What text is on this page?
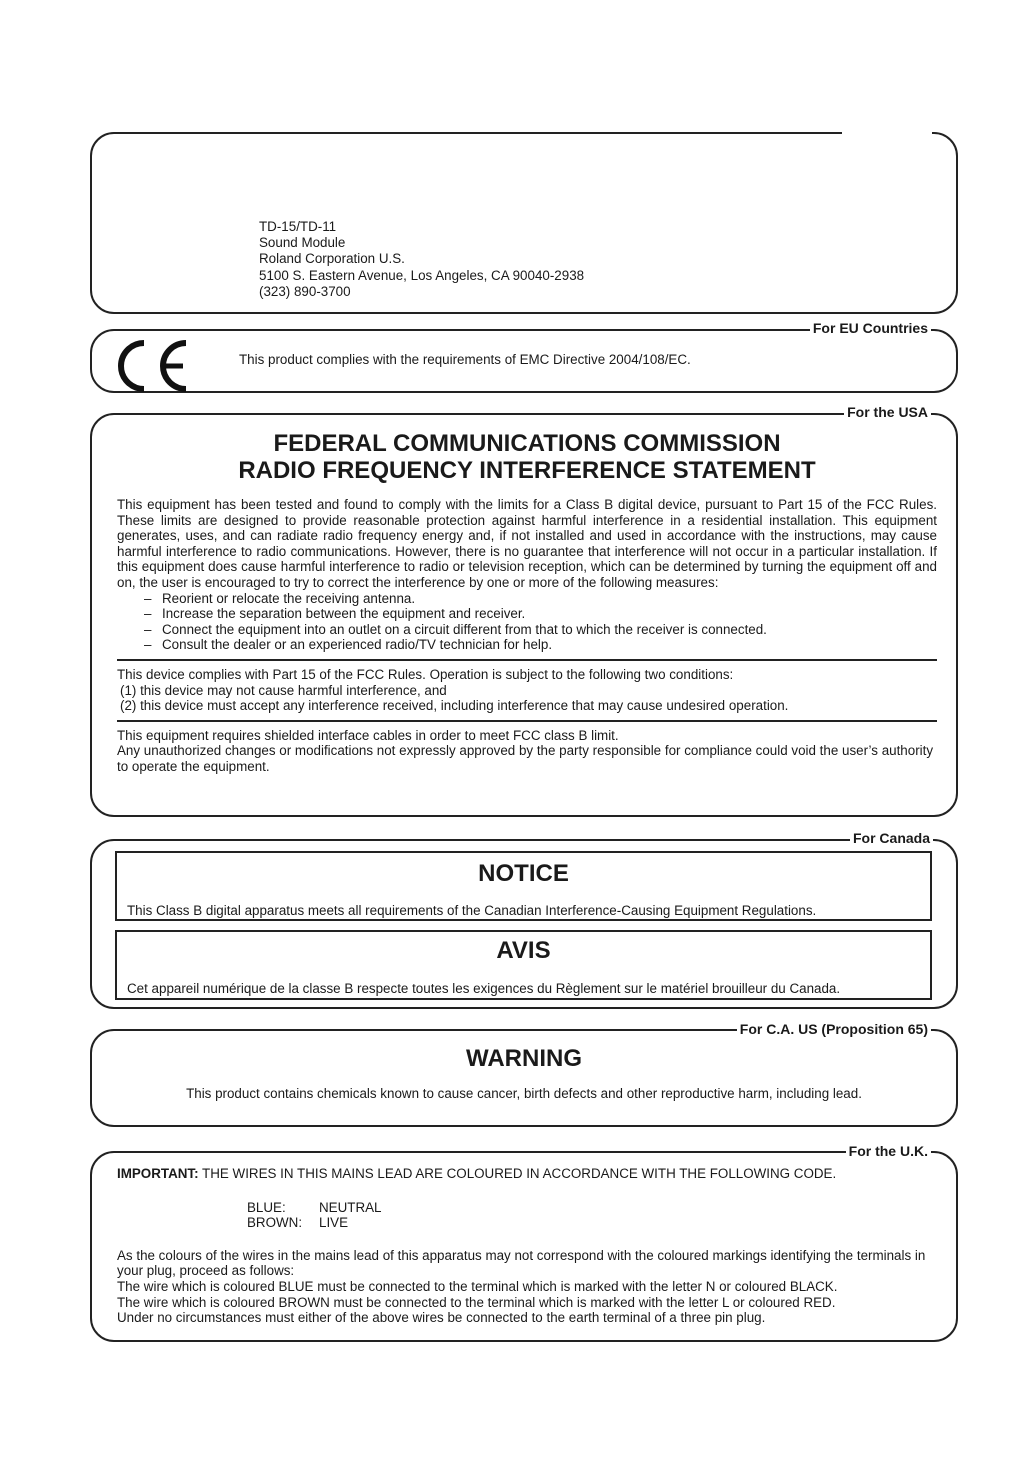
TD-15/TD-11
Sound Module
Roland Corporation U.S.
5100 S. Eastern Avenue, Los Angeles, CA 90040-2938
(323) 890-3700
For EU Countries
This product complies with the requirements of EMC Directive 2004/108/EC.
For the USA
FEDERAL COMMUNICATIONS COMMISSION
RADIO FREQUENCY INTERFERENCE STATEMENT
This equipment has been tested and found to comply with the limits for a Class B digital device, pursuant to Part 15 of the FCC Rules. These limits are designed to provide reasonable protection against harmful interference in a residential installation. This equipment generates, uses, and can radiate radio frequency energy and, if not installed and used in accordance with the instructions, may cause harmful interference to radio communications. However, there is no guarantee that interference will not occur in a particular installation. If this equipment does cause harmful interference to radio or television reception, which can be determined by turning the equipment off and on, the user is encouraged to try to correct the interference by one or more of the following measures:
– Reorient or relocate the receiving antenna.
– Increase the separation between the equipment and receiver.
– Connect the equipment into an outlet on a circuit different from that to which the receiver is connected.
– Consult the dealer or an experienced radio/TV technician for help.
This device complies with Part 15 of the FCC Rules. Operation is subject to the following two conditions:
(1) this device may not cause harmful interference, and
(2) this device must accept any interference received, including interference that may cause undesired operation.
This equipment requires shielded interface cables in order to meet FCC class B limit.
Any unauthorized changes or modifications not expressly approved by the party responsible for compliance could void the user’s authority to operate the equipment.
For Canada
NOTICE
This Class B digital apparatus meets all requirements of the Canadian Interference-Causing Equipment Regulations.
AVIS
Cet appareil numérique de la classe B respecte toutes les exigences du Règlement sur le matériel brouilleur du Canada.
For C.A. US (Proposition 65)
WARNING
This product contains chemicals known to cause cancer, birth defects and other reproductive harm, including lead.
For the U.K.
IMPORTANT: THE WIRES IN THIS MAINS LEAD ARE COLOURED IN ACCORDANCE WITH THE FOLLOWING CODE.
BLUE: NEUTRAL
BROWN: LIVE
As the colours of the wires in the mains lead of this apparatus may not correspond with the coloured markings identifying the terminals in your plug, proceed as follows:
The wire which is coloured BLUE must be connected to the terminal which is marked with the letter N or coloured BLACK.
The wire which is coloured BROWN must be connected to the terminal which is marked with the letter L or coloured RED.
Under no circumstances must either of the above wires be connected to the earth terminal of a three pin plug.
